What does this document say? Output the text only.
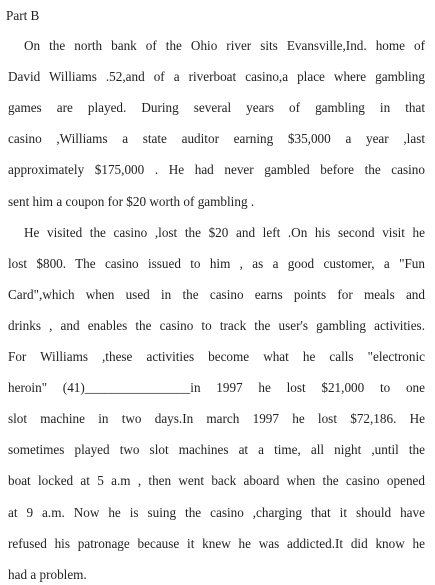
Part B
On the north bank of the Ohio river sits Evansville,Ind. home of
David Williams .52,and of a riverboat casino,a place where gambling
games are played. During several years of gambling in that
casino ,Williams a state auditor earning $35,000 a year ,last
approximately $175,000 . He had never gambled before the casino
sent him a coupon for $20 worth of gambling .
He visited the casino ,lost the $20 and left .On his second visit he
lost $800. The casino issued to him , as a good customer, a "Fun
Card",which when used in the casino earns points for meals and
drinks , and enables the casino to track the user's gambling activities.
For Williams ,these activities become what he calls "electronic
heroin" (41)________________in 1997 he lost $21,000 to one
slot machine in two days.In march 1997 he lost $72,186. He
sometimes played two slot machines at a time, all night ,until the
boat locked at 5 a.m , then went back aboard when the casino opened
at 9 a.m. Now he is suing the casino ,charging that it should have
refused his patronage because it knew he was addicted.It did know he
had a problem.
